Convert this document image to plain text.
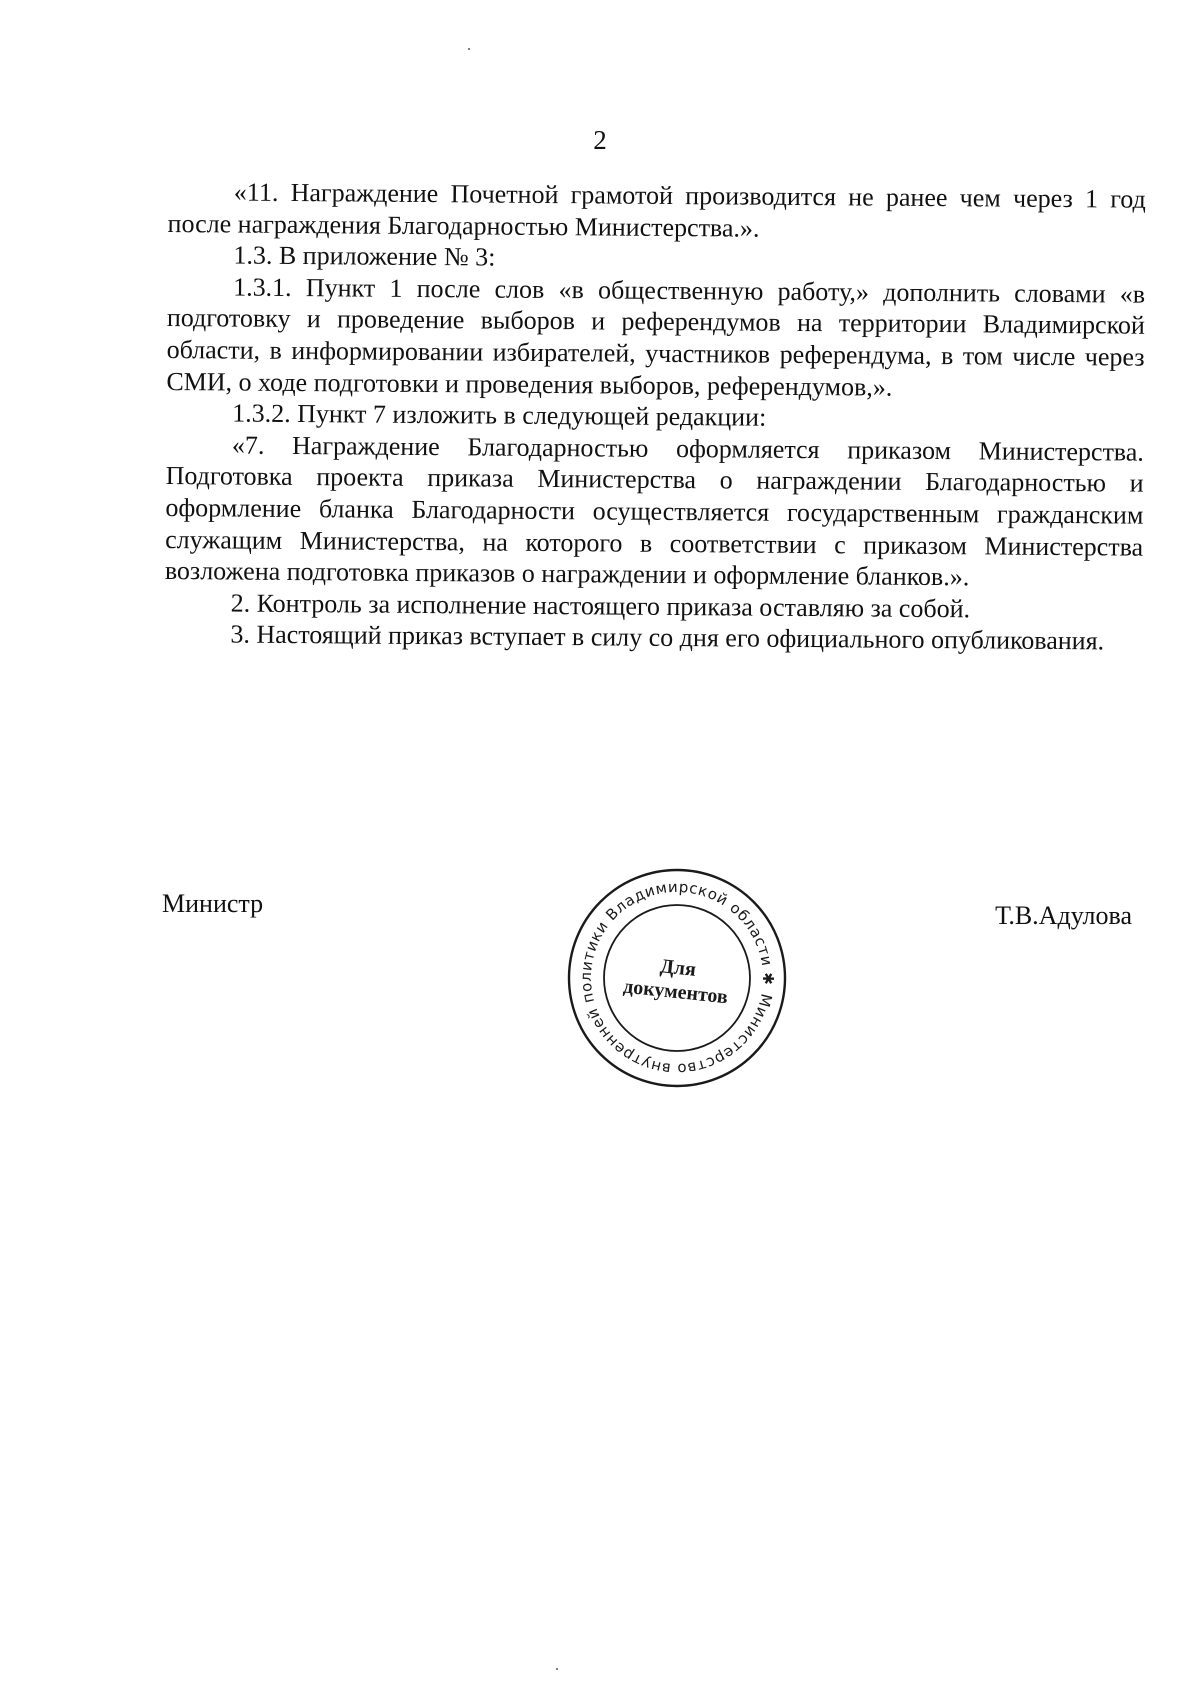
2

«11. Награждение Почетной грамотой производится не ранее чем через 1 год после награждения Благодарностью Министерства.».

1.3. В приложение № 3:

1.3.1. Пункт 1 после слов «в общественную работу,» дополнить словами «в подготовку и проведение выборов и референдумов на территории Владимирской области, в информировании избирателей, участников референдума, в том числе через СМИ, о ходе подготовки и проведения выборов, референдумов,».

1.3.2. Пункт 7 изложить в следующей редакции:

«7. Награждение Благодарностью оформляется приказом Министерства. Подготовка проекта приказа Министерства о награждении Благодарностью и оформление бланка Благодарности осуществляется государственным гражданским служащим Министерства, на которого в соответствии с приказом Министерства возложена подготовка приказов о награждении и оформление бланков.».

2. Контроль за исполнение настоящего приказа оставляю за собой.

3. Настоящий приказ вступает в силу со дня его официального опубликования.

Министр	Т.В.Адулова
Министерство внутренней политики Владимирской области ✱
Для
документов
